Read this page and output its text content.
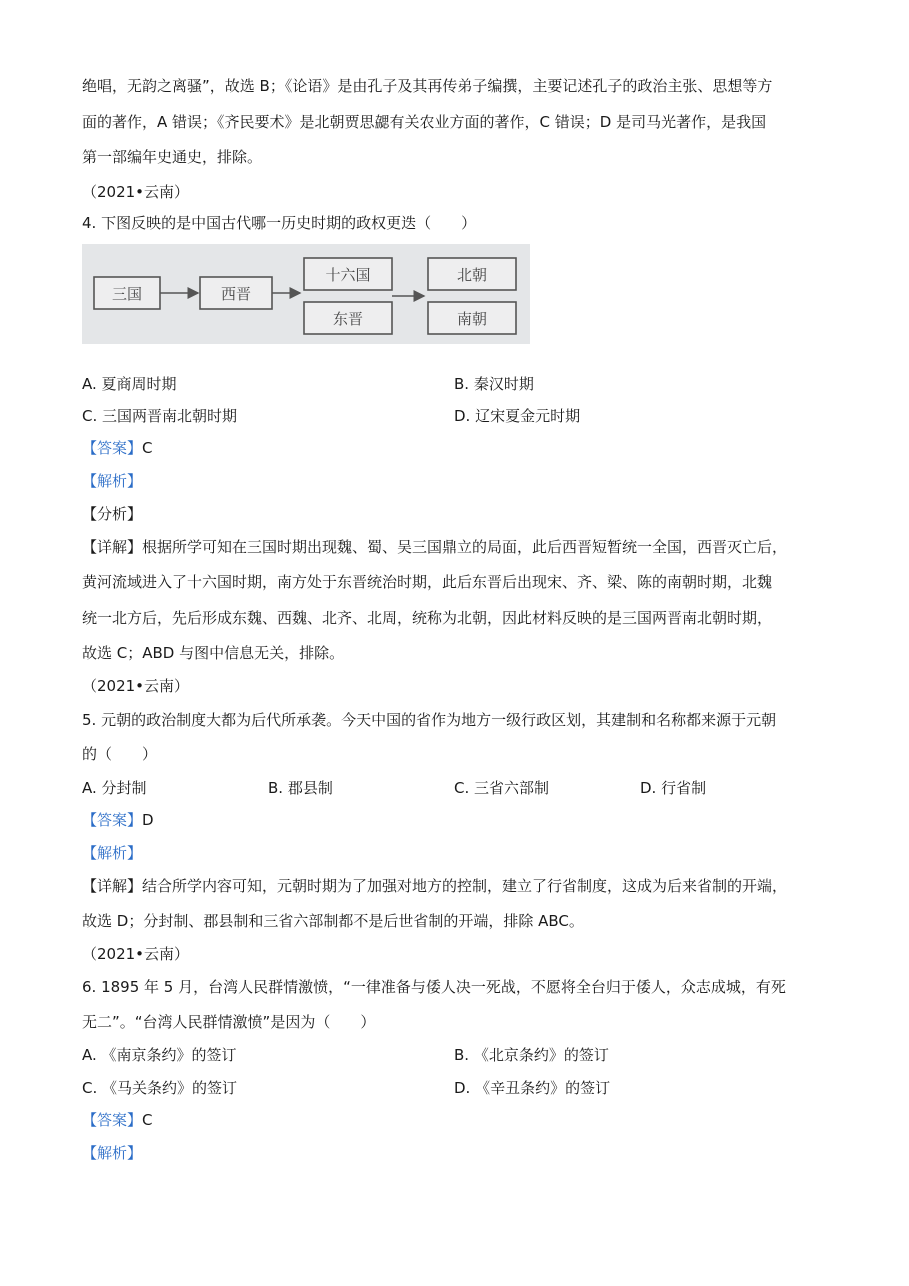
绝唱，无韵之离骚”，故选 B；《论语》是由孔子及其再传弟子编撰，主要记述孔子的政治主张、思想等方
面的著作，A 错误；《齐民要术》是北朝贾思勰有关农业方面的著作，C 错误；D 是司马光著作，是我国
第一部编年史通史，排除。
（2021•云南）
4. 下图反映的是中国古代哪一历史时期的政权更迭（　　）
三国	西晋
十六国
东晋
北朝
南朝
A. 夏商周时期	B. 秦汉时期
C. 三国两晋南北朝时期	D. 辽宋夏金元时期
【答案】C
【解析】
【分析】
【详解】根据所学可知在三国时期出现魏、蜀、吴三国鼎立的局面，此后西晋短暂统一全国，西晋灭亡后，
黄河流域进入了十六国时期，南方处于东晋统治时期，此后东晋后出现宋、齐、梁、陈的南朝时期，北魏
统一北方后，先后形成东魏、西魏、北齐、北周，统称为北朝，因此材料反映的是三国两晋南北朝时期，
故选 C；ABD 与图中信息无关，排除。
（2021•云南）
5. 元朝的政治制度大都为后代所承袭。今天中国的省作为地方一级行政区划，其建制和名称都来源于元朝
的（　　）
A. 分封制	B. 郡县制	C. 三省六部制	D. 行省制
【答案】D
【解析】
【详解】结合所学内容可知，元朝时期为了加强对地方的控制，建立了行省制度，这成为后来省制的开端，
故选 D；分封制、郡县制和三省六部制都不是后世省制的开端，排除 ABC。
（2021•云南）
6. 1895 年 5 月，台湾人民群情激愤，“一律准备与倭人决一死战，不愿将全台归于倭人，众志成城，有死
无二”。“台湾人民群情激愤”是因为（　　）
A. 《南京条约》的签订	B. 《北京条约》的签订
C. 《马关条约》的签订	D. 《辛丑条约》的签订
【答案】C
【解析】
